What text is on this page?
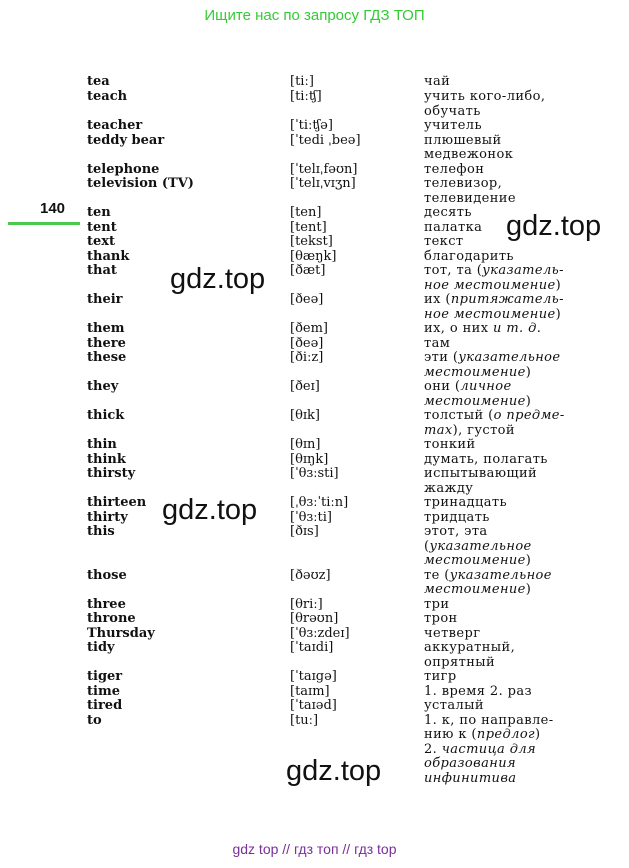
Ищите нас по запросу ГДЗ ТОП
140
tea	[tiː]	чай
teach	[tiːʧ]	учить кого-либо,
обучать
teacher	[ˈtiːʧə]	учитель
teddy bear	[ˈtedi ˌbeə]	плюшевый
медвежонок
telephone	[ˈtelɪˌfəʊn]	телефон
television (TV)	[ˈtelɪˌvɪʒn]	телевизор,
телевидение
ten	[ten]	десять
tent	[tent]	палатка
text	[tekst]	текст
thank	[θæŋk]	благодарить
that	[ðæt]	тот, та (указатель-
ное местоимение)
their	[ðeə]	их (притяжатель-
ное местоимение)
them	[ðem]	их, о них и т. д.
there	[ðeə]	там
these	[ðiːz]	эти (указательное
местоимение)
they	[ðeɪ]	они (личное
местоимение)
thick	[θɪk]	толстый (о предме-
тах), густой
thin	[θɪn]	тонкий
think	[θɪŋk]	думать, полагать
thirsty	[ˈθɜːsti]	испытывающий
жажду
thirteen	[ˌθɜːˈtiːn]	тринадцать
thirty	[ˈθɜːti]	тридцать
this	[ðɪs]	этот, эта
(указательное
местоимение)
those	[ðəʊz]	те (указательное
местоимение)
three	[θriː]	три
throne	[θrəʊn]	трон
Thursday	[ˈθɜːzdeɪ]	четверг
tidy	[ˈtaɪdi]	аккуратный,
опрятный
tiger	[ˈtaɪgə]	тигр
time	[taɪm]	1. время 2. раз
tired	[ˈtaɪəd]	усталый
to	[tuː]	1. к, по направле-
нию к (предлог)
2. частица для
образования
инфинитива
gdz.top
gdz.top
gdz.top
gdz.top
gdz top // гдз топ // гдз top
